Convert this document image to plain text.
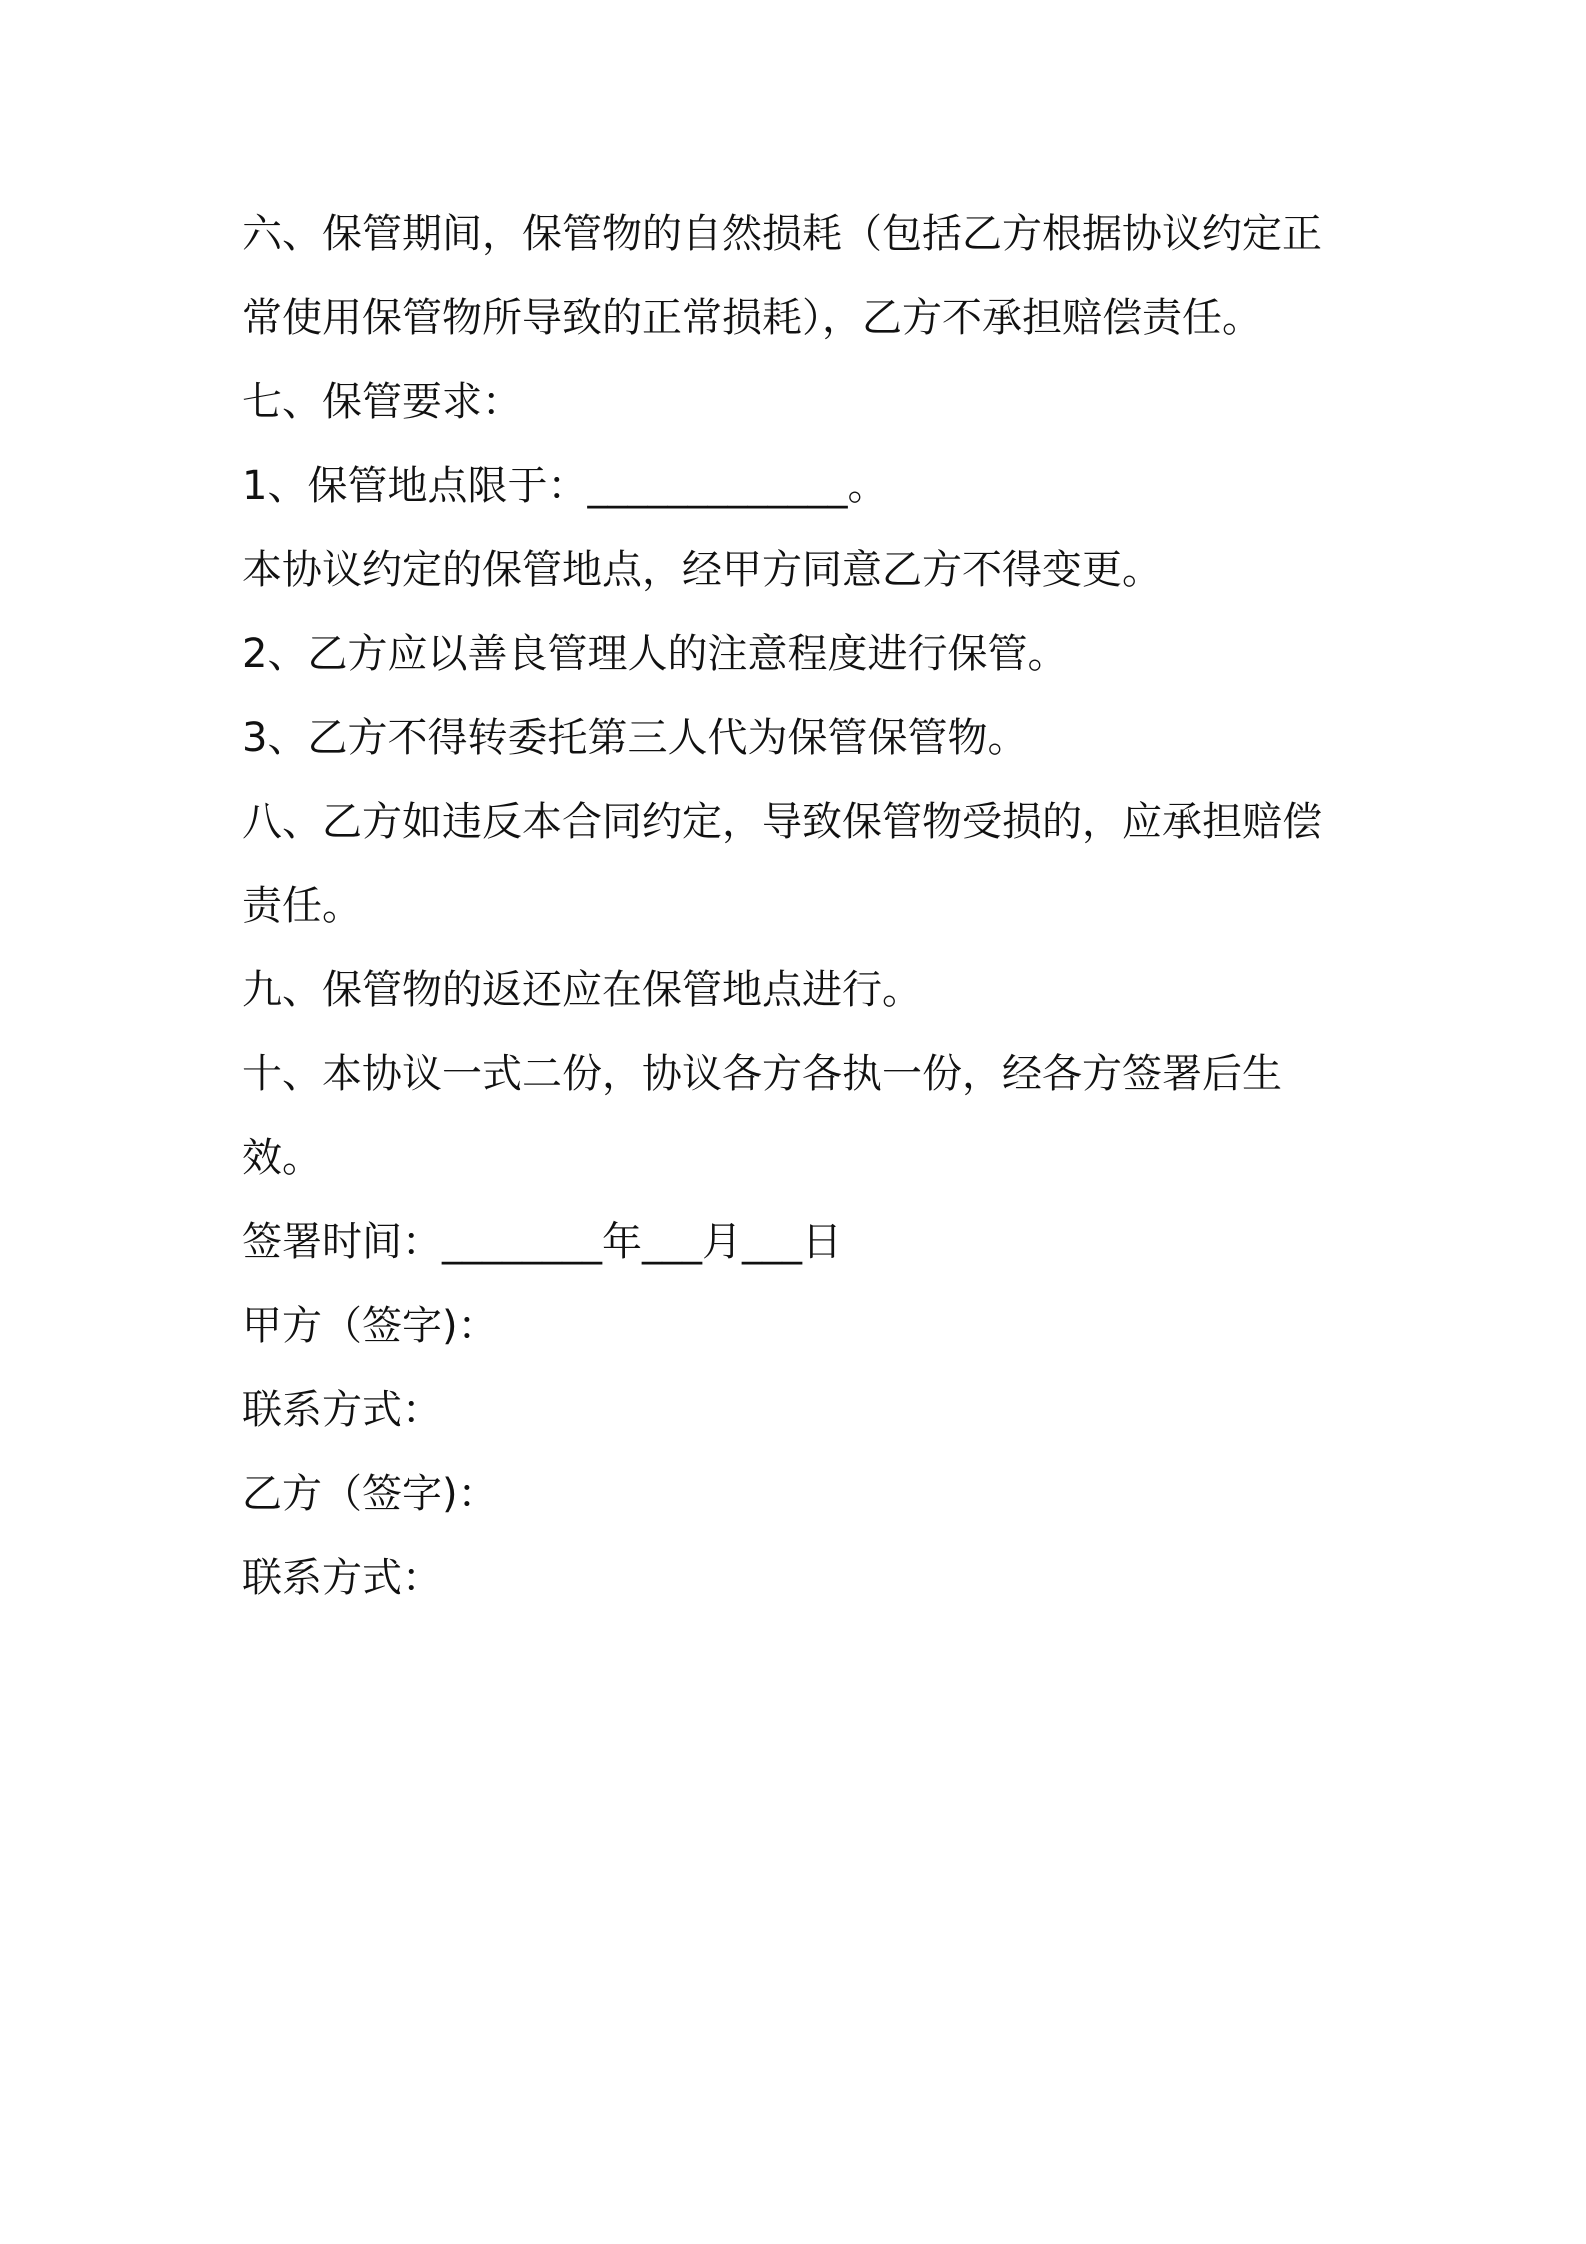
六、保管期间，保管物的自然损耗（包括乙方根据协议约定正常使用保管物所导致的正常损耗），乙方不承担赔偿责任。

七、保管要求：

1、保管地点限于：_____________。

本协议约定的保管地点，经甲方同意乙方不得变更。

2、乙方应以善良管理人的注意程度进行保管。

3、乙方不得转委托第三人代为保管保管物。

八、乙方如违反本合同约定，导致保管物受损的，应承担赔偿责任。

九、保管物的返还应在保管地点进行。

十、本协议一式二份，协议各方各执一份，经各方签署后生效。

签署时间：________年___月___日

甲方（签字)：

联系方式：

乙方（签字)：

联系方式：
